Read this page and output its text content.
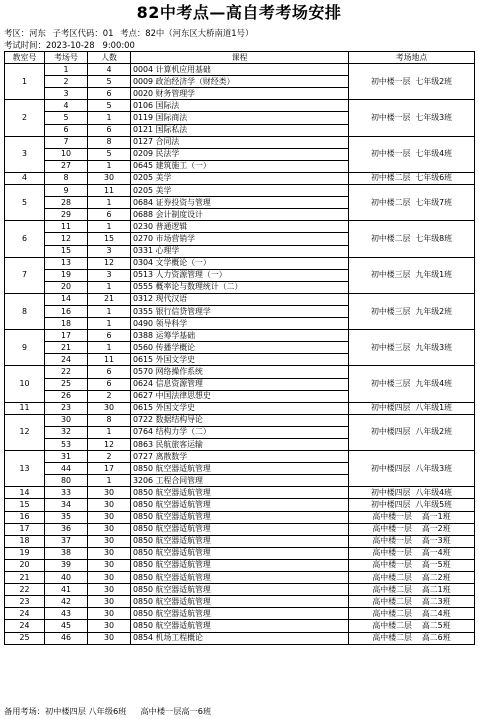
82中考点—高自考考场安排
考区：河东 子考区代码：01 考点：82中（河东区大桥南道1号）
考试时间：2023-10-28   9:00:00
教室号	考场号	人数	课程	考场地点
1	1	4	0004 计算机应用基础	初中楼一层  七年级2班
	2	5	0009 政治经济学（财经类）	
	3	6	0020 财务管理学	
2	4	5	0106 国际法	初中楼一层  七年级3班
	5	1	0119 国际商法	
	6	6	0121 国际私法	
3	7	8	0127 合同法	初中楼一层  七年级4班
	10	5	0209 民法学	
	27	1	0645 建筑施工（一）	
4	8	30	0205 美学	初中楼二层  七年级6班
5	9	11	0205 美学	初中楼二层  七年级7班
	28	1	0684 证券投资与管理	
	29	6	0688 会计制度设计	
6	11	1	0230 普通逻辑	初中楼二层  七年级8班
	12	15	0270 市场营销学	
	15	3	0331 心理学	
7	13	12	0304 文学概论（一）	初中楼三层  九年级1班
	19	3	0513 人力资源管理（一）	
	20	1	0555 概率论与数理统计（二）	
8	14	21	0312 现代汉语	初中楼三层  九年级2班
	16	1	0355 银行信贷管理学	
	18	1	0490 领导科学	
9	17	6	0388 运筹学基础	初中楼三层  九年级3班
	21	1	0560 传播学概论	
	24	11	0615 外国文学史	
10	22	6	0570 网络操作系统	初中楼三层  九年级4班
	25	6	0624 信息资源管理	
	26	2	0627 中国法律思想史	
11	23	30	0615 外国文学史	初中楼四层  八年级1班
12	30	8	0722 数据结构导论	初中楼四层  八年级2班
	32	1	0764 结构力学（二）	
	53	12	0863 民航旅客运输	
13	31	2	0727 离散数学	初中楼四层  八年级3班
	44	17	0850 航空器适航管理	
	80	1	3206 工程合同管理	
14	33	30	0850 航空器适航管理	初中楼四层  八年级4班
15	34	30	0850 航空器适航管理	初中楼四层  八年级5班
16	35	30	0850 航空器适航管理	高中楼一层    高一1班
17	36	30	0850 航空器适航管理	高中楼一层    高一2班
18	37	30	0850 航空器适航管理	高中楼一层    高一3班
19	38	30	0850 航空器适航管理	高中楼一层    高一4班
20	39	30	0850 航空器适航管理	高中楼一层    高一5班
21	40	30	0850 航空器适航管理	高中楼二层    高二2班
22	41	30	0850 航空器适航管理	高中楼二层    高二1班
23	42	30	0850 航空器适航管理	高中楼二层    高二3班
24	43	30	0850 航空器适航管理	高中楼二层    高二4班
24	45	30	0850 航空器适航管理	高中楼二层    高二5班
25	46	30	0854 机场工程概论	高中楼二层    高二6班
备用考场：初中楼四层 八年级6班 高中楼一层高一6班
